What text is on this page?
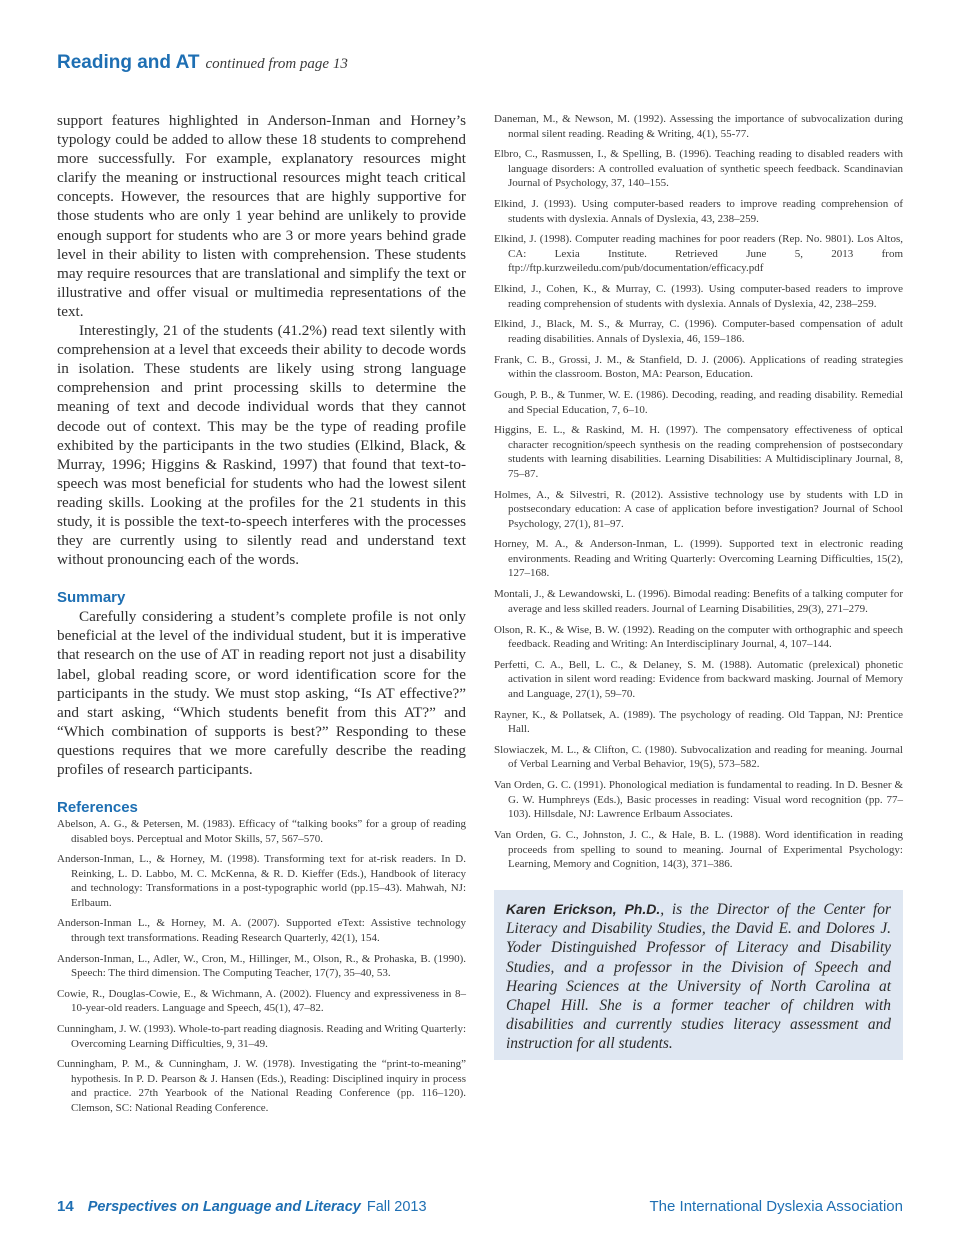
Reading and AT continued from page 13

support features highlighted in Anderson-Inman and Horney’s typology could be added to allow these 18 students to comprehend more successfully. For example, explanatory resources might clarify the meaning or instructional resources might teach critical concepts. However, the resources that are highly supportive for those students who are only 1 year behind are unlikely to provide enough support for students who are 3 or more years behind grade level in their ability to listen with comprehension. These students may require resources that are translational and simplify the text or illustrative and offer visual or multimedia representations of the text.

Interestingly, 21 of the students (41.2%) read text silently with comprehension at a level that exceeds their ability to decode words in isolation. These students are likely using strong language comprehension and print processing skills to determine the meaning of text and decode individual words that they cannot decode out of context. This may be the type of reading profile exhibited by the participants in the two studies (Elkind, Black, & Murray, 1996; Higgins & Raskind, 1997) that found that text-to-speech was most beneficial for students who had the lowest silent reading skills. Looking at the profiles for the 21 students in this study, it is possible the text-to-speech interferes with the processes they are currently using to silently read and understand text without pronouncing each of the words.

Summary

Carefully considering a student’s complete profile is not only beneficial at the level of the individual student, but it is imperative that research on the use of AT in reading report not just a disability label, global reading score, or word identification score for the participants in the study. We must stop asking, “Is AT effective?” and start asking, “Which students benefit from this AT?” and “Which combination of supports is best?” Responding to these questions requires that we more carefully describe the reading profiles of research participants.

References

Abelson, A. G., & Petersen, M. (1983). Efficacy of “talking books” for a group of reading disabled boys. Perceptual and Motor Skills, 57, 567–570.

Anderson-Inman, L., & Horney, M. (1998). Transforming text for at-risk readers. In D. Reinking, L. D. Labbo, M. C. McKenna, & R. D. Kieffer (Eds.), Handbook of literacy and technology: Transformations in a post-typographic world (pp.15–43). Mahwah, NJ: Erlbaum.

Anderson-Inman L., & Horney, M. A. (2007). Supported eText: Assistive technology through text transformations. Reading Research Quarterly, 42(1), 154.

Anderson-Inman, L., Adler, W., Cron, M., Hillinger, M., Olson, R., & Prohaska, B. (1990). Speech: The third dimension. The Computing Teacher, 17(7), 35–40, 53.

Cowie, R., Douglas-Cowie, E., & Wichmann, A. (2002). Fluency and expressiveness in 8–10-year-old readers. Language and Speech, 45(1), 47–82.

Cunningham, J. W. (1993). Whole-to-part reading diagnosis. Reading and Writing Quarterly: Overcoming Learning Difficulties, 9, 31–49.

Cunningham, P. M., & Cunningham, J. W. (1978). Investigating the “print-to-meaning” hypothesis. In P. D. Pearson & J. Hansen (Eds.), Reading: Disciplined inquiry in process and practice. 27th Yearbook of the National Reading Conference (pp. 116–120). Clemson, SC: National Reading Conference.

Daneman, M., & Newson, M. (1992). Assessing the importance of subvocalization during normal silent reading. Reading & Writing, 4(1), 55-77.

Elbro, C., Rasmussen, I., & Spelling, B. (1996). Teaching reading to disabled readers with language disorders: A controlled evaluation of synthetic speech feedback. Scandinavian Journal of Psychology, 37, 140–155.

Elkind, J. (1993). Using computer-based readers to improve reading comprehension of students with dyslexia. Annals of Dyslexia, 43, 238–259.

Elkind, J. (1998). Computer reading machines for poor readers (Rep. No. 9801). Los Altos, CA: Lexia Institute. Retrieved June 5, 2013 from ftp://ftp.kurzweiledu.com/pub/documentation/efficacy.pdf

Elkind, J., Cohen, K., & Murray, C. (1993). Using computer-based readers to improve reading comprehension of students with dyslexia. Annals of Dyslexia, 42, 238–259.

Elkind, J., Black, M. S., & Murray, C. (1996). Computer-based compensation of adult reading disabilities. Annals of Dyslexia, 46, 159–186.

Frank, C. B., Grossi, J. M., & Stanfield, D. J. (2006). Applications of reading strategies within the classroom. Boston, MA: Pearson, Education.

Gough, P. B., & Tunmer, W. E. (1986). Decoding, reading, and reading disability. Remedial and Special Education, 7, 6–10.

Higgins, E. L., & Raskind, M. H. (1997). The compensatory effectiveness of optical character recognition/speech synthesis on the reading comprehension of postsecondary students with learning disabilities. Learning Disabilities: A Multidisciplinary Journal, 8, 75–87.

Holmes, A., & Silvestri, R. (2012). Assistive technology use by students with LD in postsecondary education: A case of application before investigation? Journal of School Psychology, 27(1), 81–97.

Horney, M. A., & Anderson-Inman, L. (1999). Supported text in electronic reading environments. Reading and Writing Quarterly: Overcoming Learning Difficulties, 15(2), 127–168.

Montali, J., & Lewandowski, L. (1996). Bimodal reading: Benefits of a talking computer for average and less skilled readers. Journal of Learning Disabilities, 29(3), 271–279.

Olson, R. K., & Wise, B. W. (1992). Reading on the computer with orthographic and speech feedback. Reading and Writing: An Interdisciplinary Journal, 4, 107–144.

Perfetti, C. A., Bell, L. C., & Delaney, S. M. (1988). Automatic (prelexical) phonetic activation in silent word reading: Evidence from backward masking. Journal of Memory and Language, 27(1), 59–70.

Rayner, K., & Pollatsek, A. (1989). The psychology of reading. Old Tappan, NJ: Prentice Hall.

Slowiaczek, M. L., & Clifton, C. (1980). Subvocalization and reading for meaning. Journal of Verbal Learning and Verbal Behavior, 19(5), 573–582.

Van Orden, G. C. (1991). Phonological mediation is fundamental to reading. In D. Besner & G. W. Humphreys (Eds.), Basic processes in reading: Visual word recognition (pp. 77–103). Hillsdale, NJ: Lawrence Erlbaum Associates.

Van Orden, G. C., Johnston, J. C., & Hale, B. L. (1988). Word identification in reading proceeds from spelling to sound to meaning. Journal of Experimental Psychology: Learning, Memory and Cognition, 14(3), 371–386.

Karen Erickson, Ph.D., is the Director of the Center for Literacy and Disability Studies, the David E. and Dolores J. Yoder Distinguished Professor of Literacy and Disability Studies, and a professor in the Division of Speech and Hearing Sciences at the University of North Carolina at Chapel Hill. She is a former teacher of children with disabilities and currently studies literacy assessment and instruction for all students.

14 Perspectives on Language and Literacy Fall 2013	The International Dyslexia Association
